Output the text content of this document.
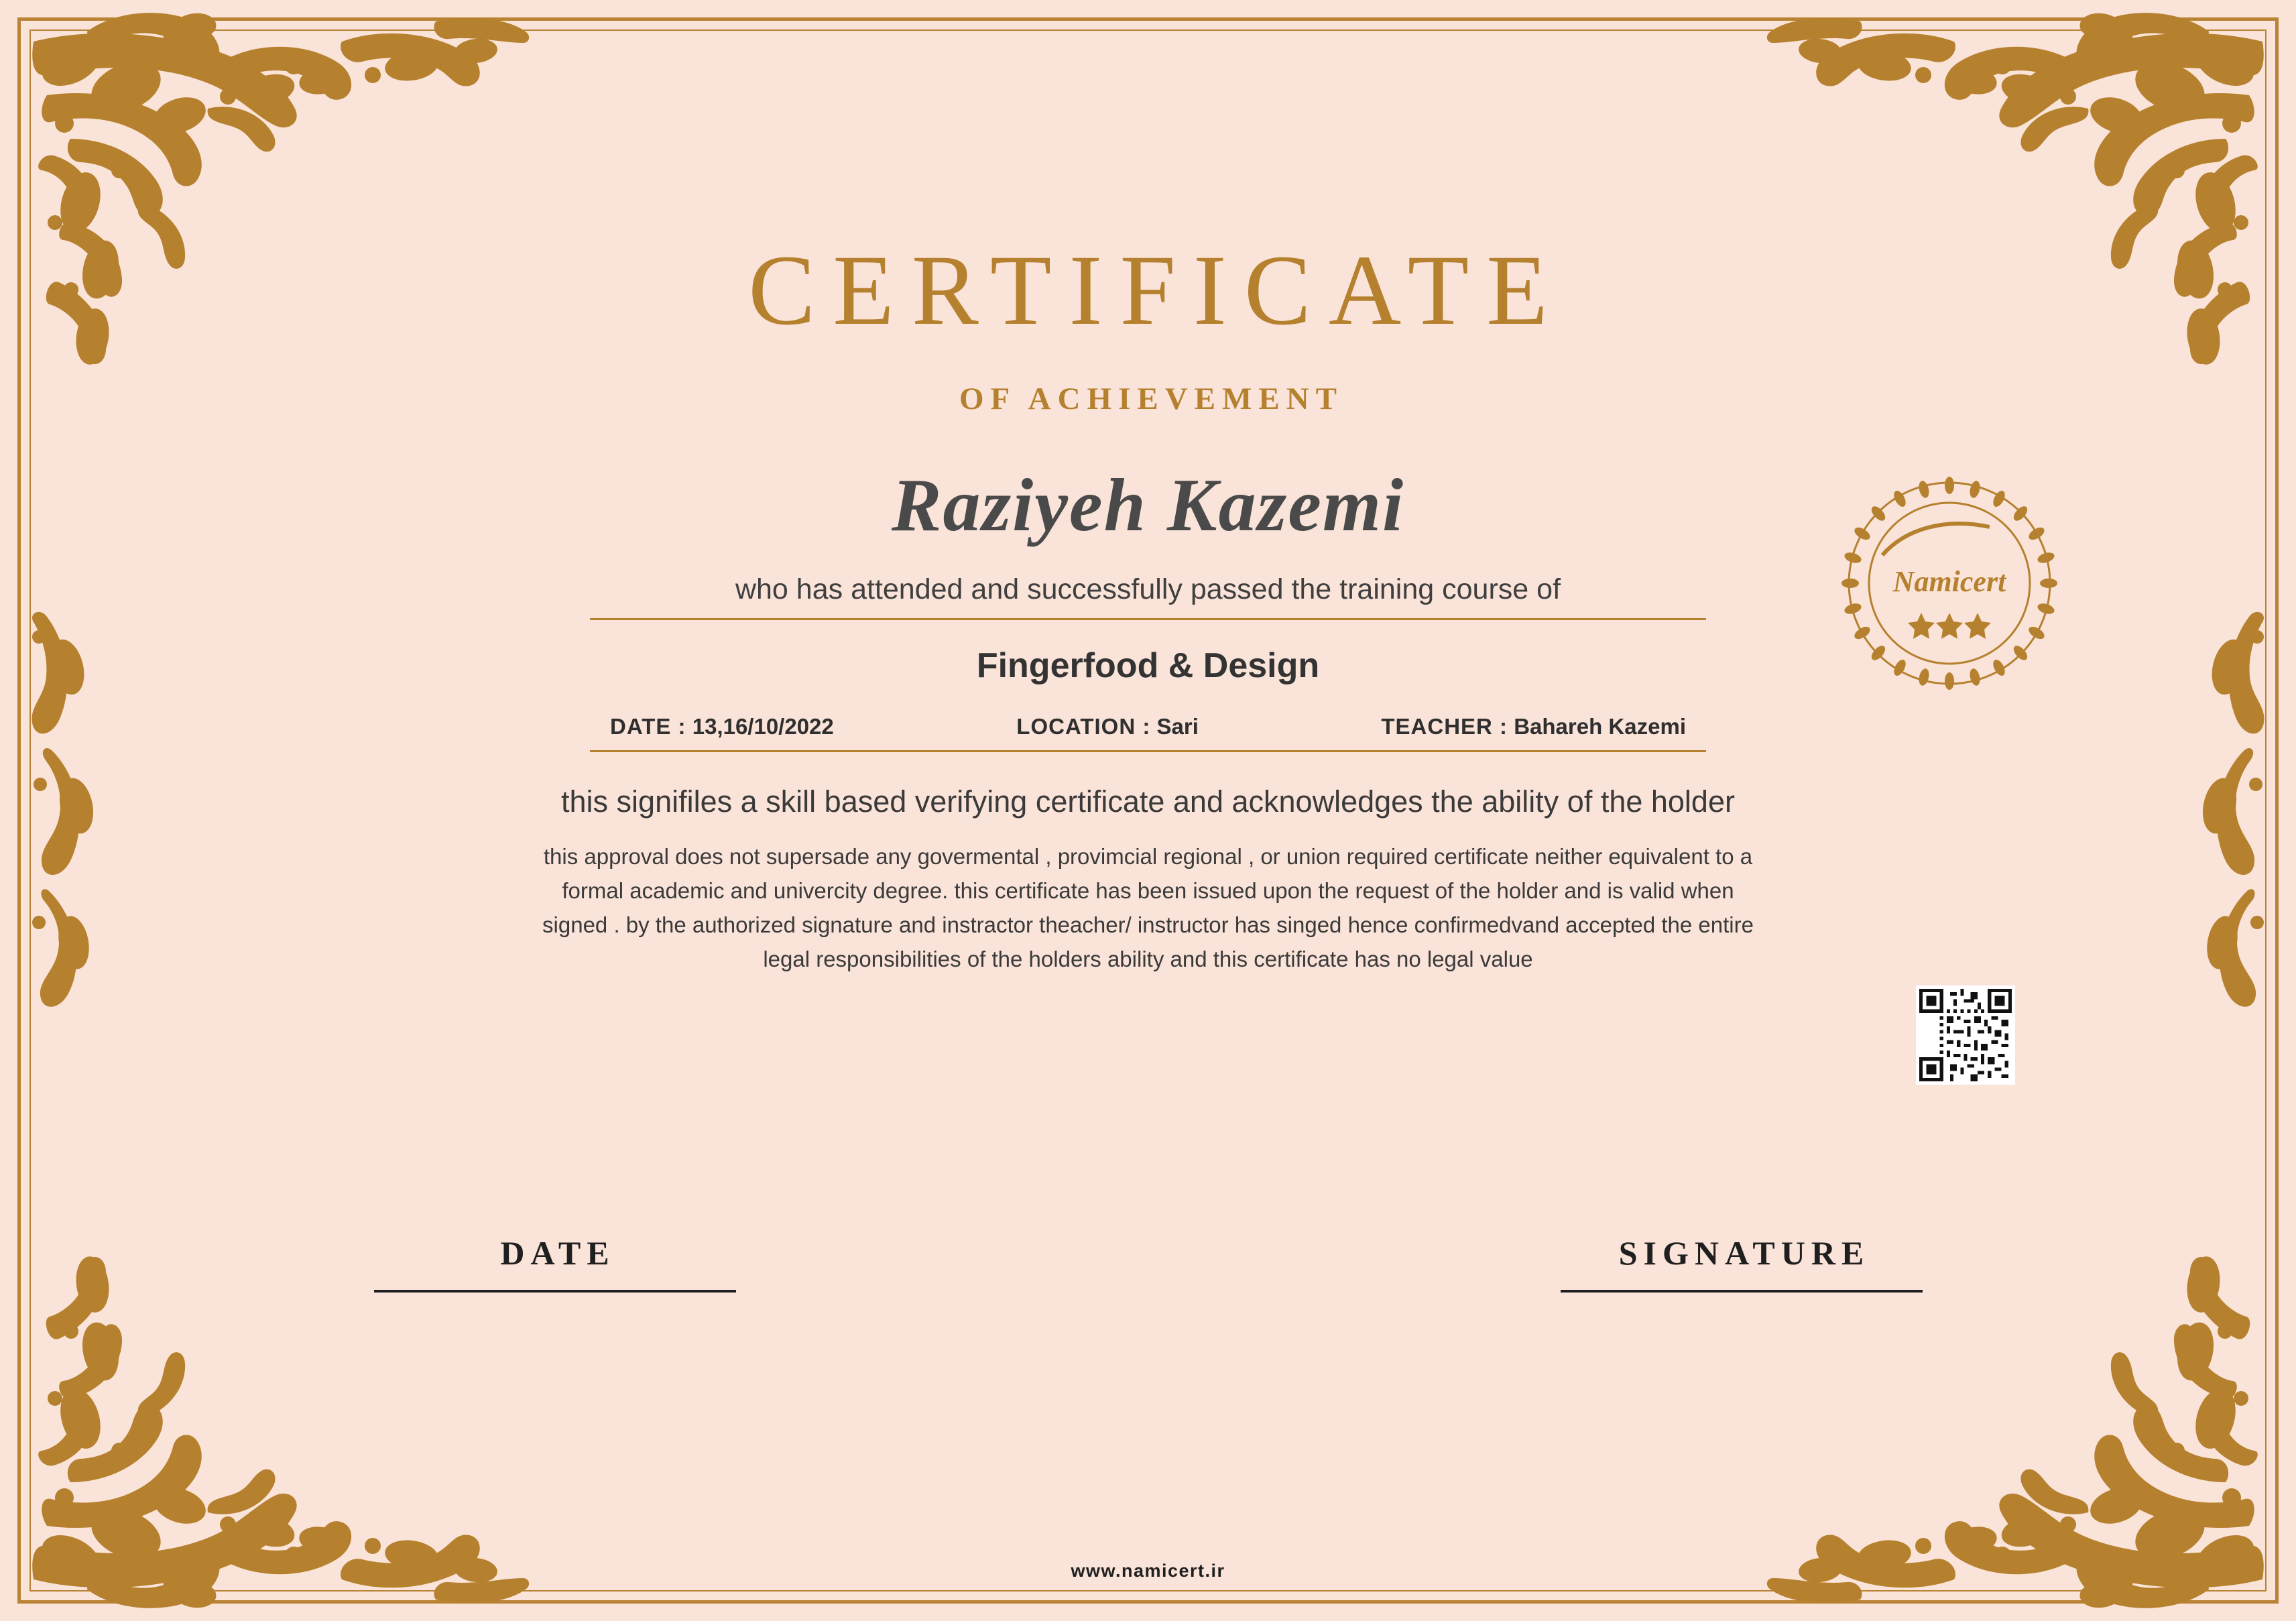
CERTIFICATE
OF ACHIEVEMENT
Raziyeh Kazemi
who has attended and successfully passed the training course of
Fingerfood & Design
DATE : 13,16/10/2022	LOCATION : Sari	TEACHER : Bahareh Kazemi
this signifiles a skill based verifying certificate and acknowledges the ability of the holder
this approval does not supersade any govermental , provimcial regional , or union required certificate neither equivalent to a formal academic and univercity degree. this certificate has been issued upon the request of the holder and is valid when signed . by the authorized signature and instractor theacher/ instructor has singed hence confirmedvand accepted the entire legal responsibilities of the holders ability and this certificate has no legal value
DATE	SIGNATURE
Namicert
www.namicert.ir
